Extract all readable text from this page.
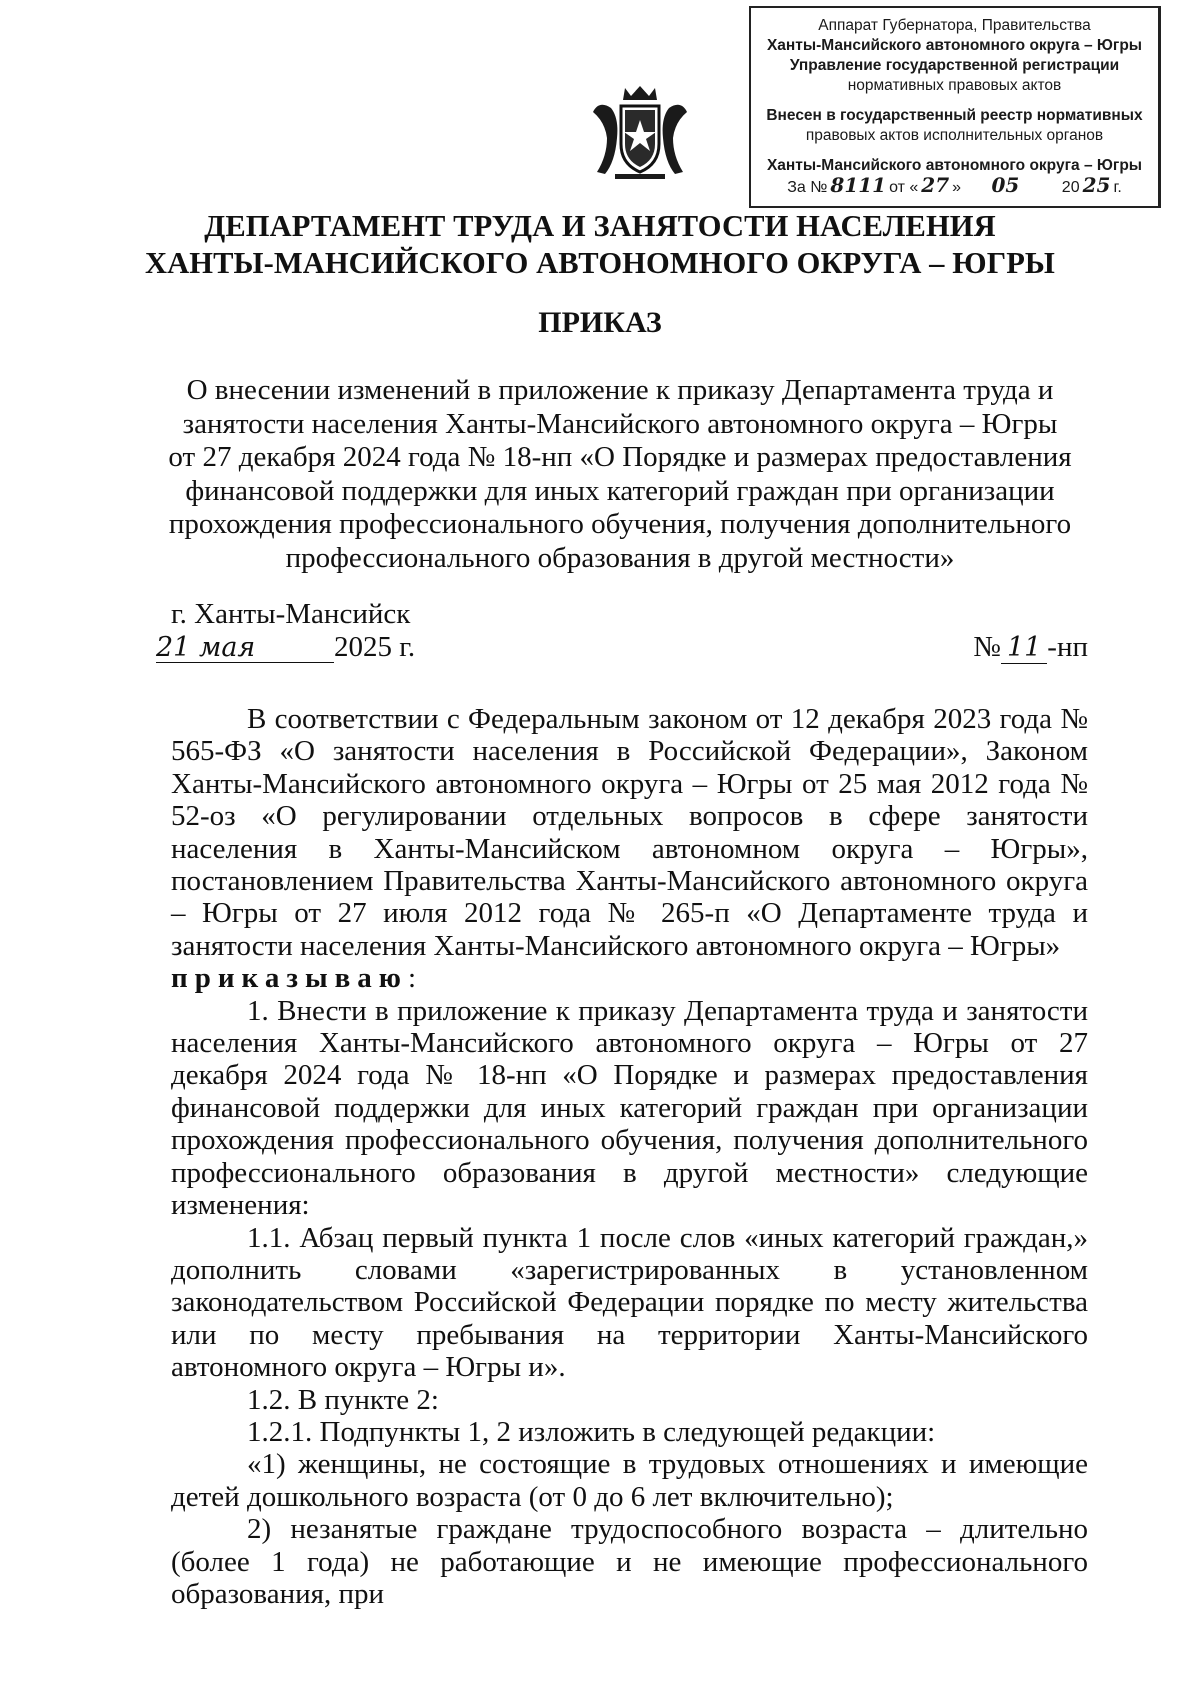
Аппарат Губернатора, Правительства
Ханты-Мансийского автономного округа – Югры
Управление государственной регистрации
нормативных правовых актов
Внесен в государственный реестр нормативных
правовых актов исполнительных органов
Ханты-Мансийского автономного округа – Югры
За № 8111 от « 27 » 05	20 25 г.
ДЕПАРТАМЕНТ ТРУДА И ЗАНЯТОСТИ НАСЕЛЕНИЯ
ХАНТЫ-МАНСИЙСКОГО АВТОНОМНОГО ОКРУГА – ЮГРЫ
ПРИКАЗ
О внесении изменений в приложение к приказу Департамента труда и
занятости населения Ханты-Мансийского автономного округа – Югры
от 27 декабря 2024 года № 18-нп «О Порядке и размерах предоставления
финансовой поддержки для иных категорий граждан при организации
прохождения профессионального обучения, получения дополнительного
профессионального образования в другой местности»
г. Ханты-Мансийск
21 мая	2025 г.	№ 11 -нп

В соответствии с Федеральным законом от 12 декабря 2023 года № 565-ФЗ «О занятости населения в Российской Федерации», Законом Ханты-Мансийского автономного округа – Югры от 25 мая 2012 года № 52-оз «О регулировании отдельных вопросов в сфере занятости населения в Ханты-Мансийском автономном округа – Югры», постановлением Правительства Ханты-Мансийского автономного округа – Югры от 27 июля 2012 года № 265-п «О Департаменте труда и занятости населения Ханты-Мансийского автономного округа – Югры»

приказываю:

1. Внести в приложение к приказу Департамента труда и занятости населения Ханты-Мансийского автономного округа – Югры от 27 декабря 2024 года № 18-нп «О Порядке и размерах предоставления финансовой поддержки для иных категорий граждан при организации прохождения профессионального обучения, получения дополнительного профессионального образования в другой местности» следующие изменения:

1.1. Абзац первый пункта 1 после слов «иных категорий граждан,» дополнить словами «зарегистрированных в установленном законодательством Российской Федерации порядке по месту жительства или по месту пребывания на территории Ханты-Мансийского автономного округа – Югры и».

1.2. В пункте 2:

1.2.1. Подпункты 1, 2 изложить в следующей редакции:

«1) женщины, не состоящие в трудовых отношениях и имеющие детей дошкольного возраста (от 0 до 6 лет включительно);

2) незанятые граждане трудоспособного возраста – длительно (более 1 года) не работающие и не имеющие профессионального образования, при
